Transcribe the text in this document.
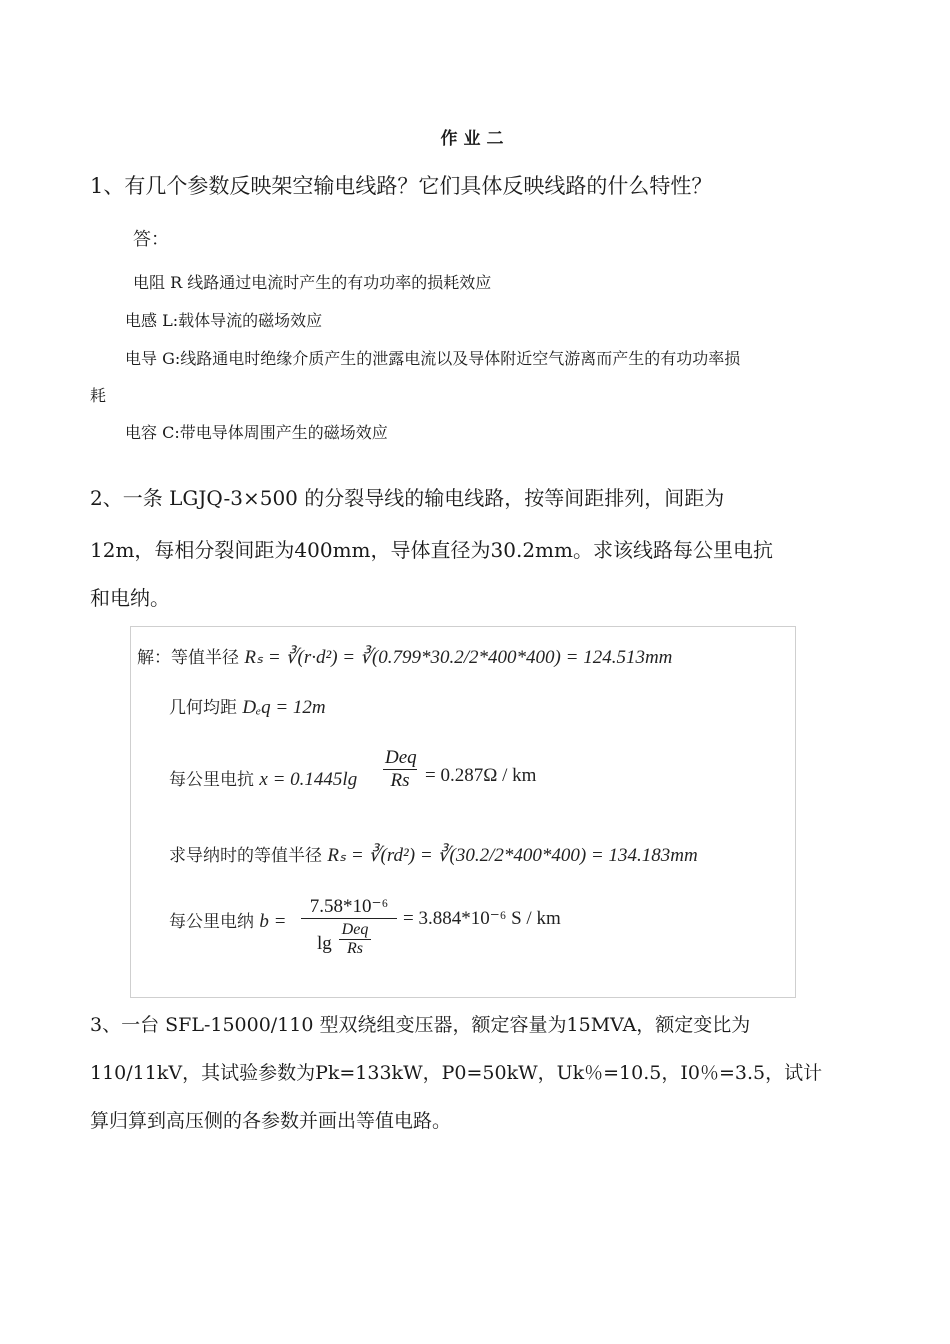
作业二
1、有几个参数反映架空输电线路？它们具体反映线路的什么特性？
答：
电阻 R 线路通过电流时产生的有功功率的损耗效应
电感 L:载体导流的磁场效应
电导 G:线路通电时绝缘介质产生的泄露电流以及导体附近空气游离而产生的有功功率损
耗
电容 C:带电导体周围产生的磁场效应
2、一条 LGJQ-3×500 的分裂导线的输电线路，按等间距排列，间距为
12m，每相分裂间距为400mm，导体直径为30.2mm。求该线路每公里电抗
和电纳。
解：等值半径 Rₛ = ∛(r·d²) = ∛(0.799*30.2/2*400*400) = 124.513mm
几何均距 Dₑq = 12m
每公里电抗 x = 0.1445lg
Deq
Rs = 0.287Ω / km
求导纳时的等值半径 Rₛ = ∛(rd²) = ∛(30.2/2*400*400) = 134.183mm
每公里电纳 b =
7.58*10⁻⁶
lg
Deq
Rs
= 3.884*10⁻⁶ S / km
3、一台 SFL-15000/110 型双绕组变压器，额定容量为15MVA，额定变比为
110/11kV，其试验参数为Pk=133kW，P0=50kW，Uk％=10.5，I0％=3.5，试计
算归算到高压侧的各参数并画出等值电路。
